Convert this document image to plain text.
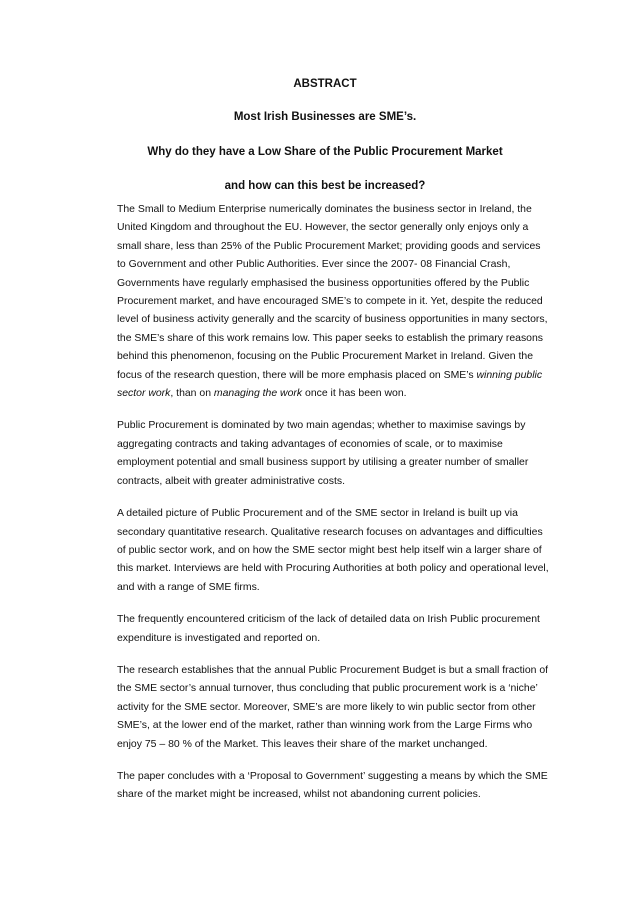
ABSTRACT
Most Irish Businesses are SME’s.
Why do they have a Low Share of the Public Procurement Market
and how can this best be increased?

The Small to Medium Enterprise numerically dominates the business sector in Ireland, the
United Kingdom and throughout the EU. However, the sector generally only enjoys only a
small share, less than 25% of the Public Procurement Market; providing goods and services
to Government and other Public Authorities. Ever since the 2007- 08 Financial Crash,
Governments have regularly emphasised the business opportunities offered by the Public
Procurement market, and have encouraged SME’s to compete in it. Yet, despite the reduced
level of business activity generally and the scarcity of business opportunities in many sectors,
the SME’s share of this work remains low. This paper seeks to establish the primary reasons
behind this phenomenon, focusing on the Public Procurement Market in Ireland. Given the
focus of the research question, there will be more emphasis placed on SME’s winning public
sector work, than on managing the work once it has been won.

Public Procurement is dominated by two main agendas; whether to maximise savings by
aggregating contracts and taking advantages of economies of scale, or to maximise
employment potential and small business support by utilising a greater number of smaller
contracts, albeit with greater administrative costs.

A detailed picture of Public Procurement and of the SME sector in Ireland is built up via
secondary quantitative research. Qualitative research focuses on advantages and difficulties
of public sector work, and on how the SME sector might best help itself win a larger share of
this market. Interviews are held with Procuring Authorities at both policy and operational level,
and with a range of SME firms.

The frequently encountered criticism of the lack of detailed data on Irish Public procurement
expenditure is investigated and reported on.

The research establishes that the annual Public Procurement Budget is but a small fraction of
the SME sector’s annual turnover, thus concluding that public procurement work is a ‘niche’
activity for the SME sector. Moreover, SME’s are more likely to win public sector from other
SME’s, at the lower end of the market, rather than winning work from the Large Firms who
enjoy 75 – 80 % of the Market. This leaves their share of the market unchanged.

The paper concludes with a ‘Proposal to Government’ suggesting a means by which the SME
share of the market might be increased, whilst not abandoning current policies.
